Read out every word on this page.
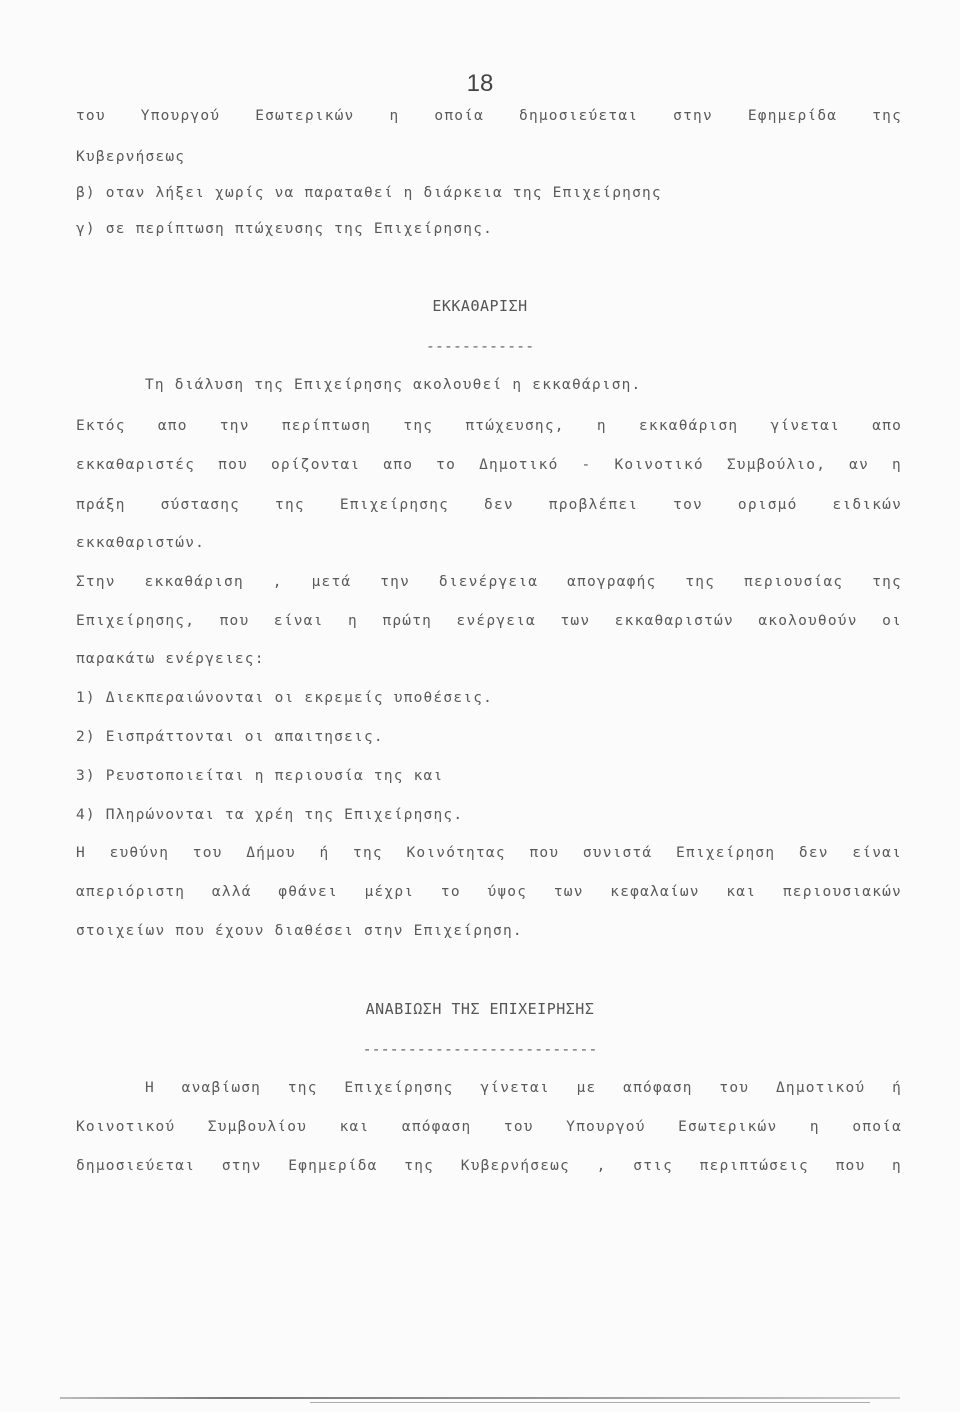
18
του Υπουργού Εσωτερικών η οποία δημοσιεύεται στην Εφημερίδα της
Κυβερνήσεως
β) οταν λήξει χωρίς να παραταθεί η διάρκεια της Επιχείρησης
γ) σε περίπτωση πτώχευσης της Επιχείρησης.
ΕΚΚΑΘΑΡΙΣΗ
------------
Τη διάλυση της Επιχείρησης ακολουθεί η εκκαθάριση.
Εκτός απο την περίπτωση της πτώχευσης, η εκκαθάριση γίνεται απο
εκκαθαριστές που ορίζονται απο το Δημοτικό - Κοινοτικό Συμβούλιο, αν η
πράξη σύστασης της Επιχείρησης δεν προβλέπει τον ορισμό ειδικών
εκκαθαριστών.
Στην εκκαθάριση , μετά την διενέργεια απογραφής της περιουσίας της
Επιχείρησης, που είναι η πρώτη ενέργεια των εκκαθαριστών ακολουθούν οι
παρακάτω ενέργειες:
1) Διεκπεραιώνονται οι εκρεμείς υποθέσεις.
2) Εισπράττονται οι απαιτησεις.
3) Ρευστοποιείται η περιουσία της και
4) Πληρώνονται τα χρέη της Επιχείρησης.
Η ευθύνη του Δήμου ή της Κοινότητας που συνιστά Επιχείρηση δεν είναι
απεριόριστη αλλά φθάνει μέχρι το ύψος των κεφαλαίων και περιουσιακών
στοιχείων που έχουν διαθέσει στην Επιχείρηση.
ΑΝΑΒΙΩΣΗ ΤΗΣ ΕΠΙΧΕΙΡΗΣΗΣ
--------------------------
Η αναβίωση της Επιχείρησης γίνεται με απόφαση του Δημοτικού ή
Κοινοτικού Συμβουλίου και απόφαση του Υπουργού Εσωτερικών η οποία
δημοσιεύεται στην Εφημερίδα της Κυβερνήσεως , στις περιπτώσεις που η
